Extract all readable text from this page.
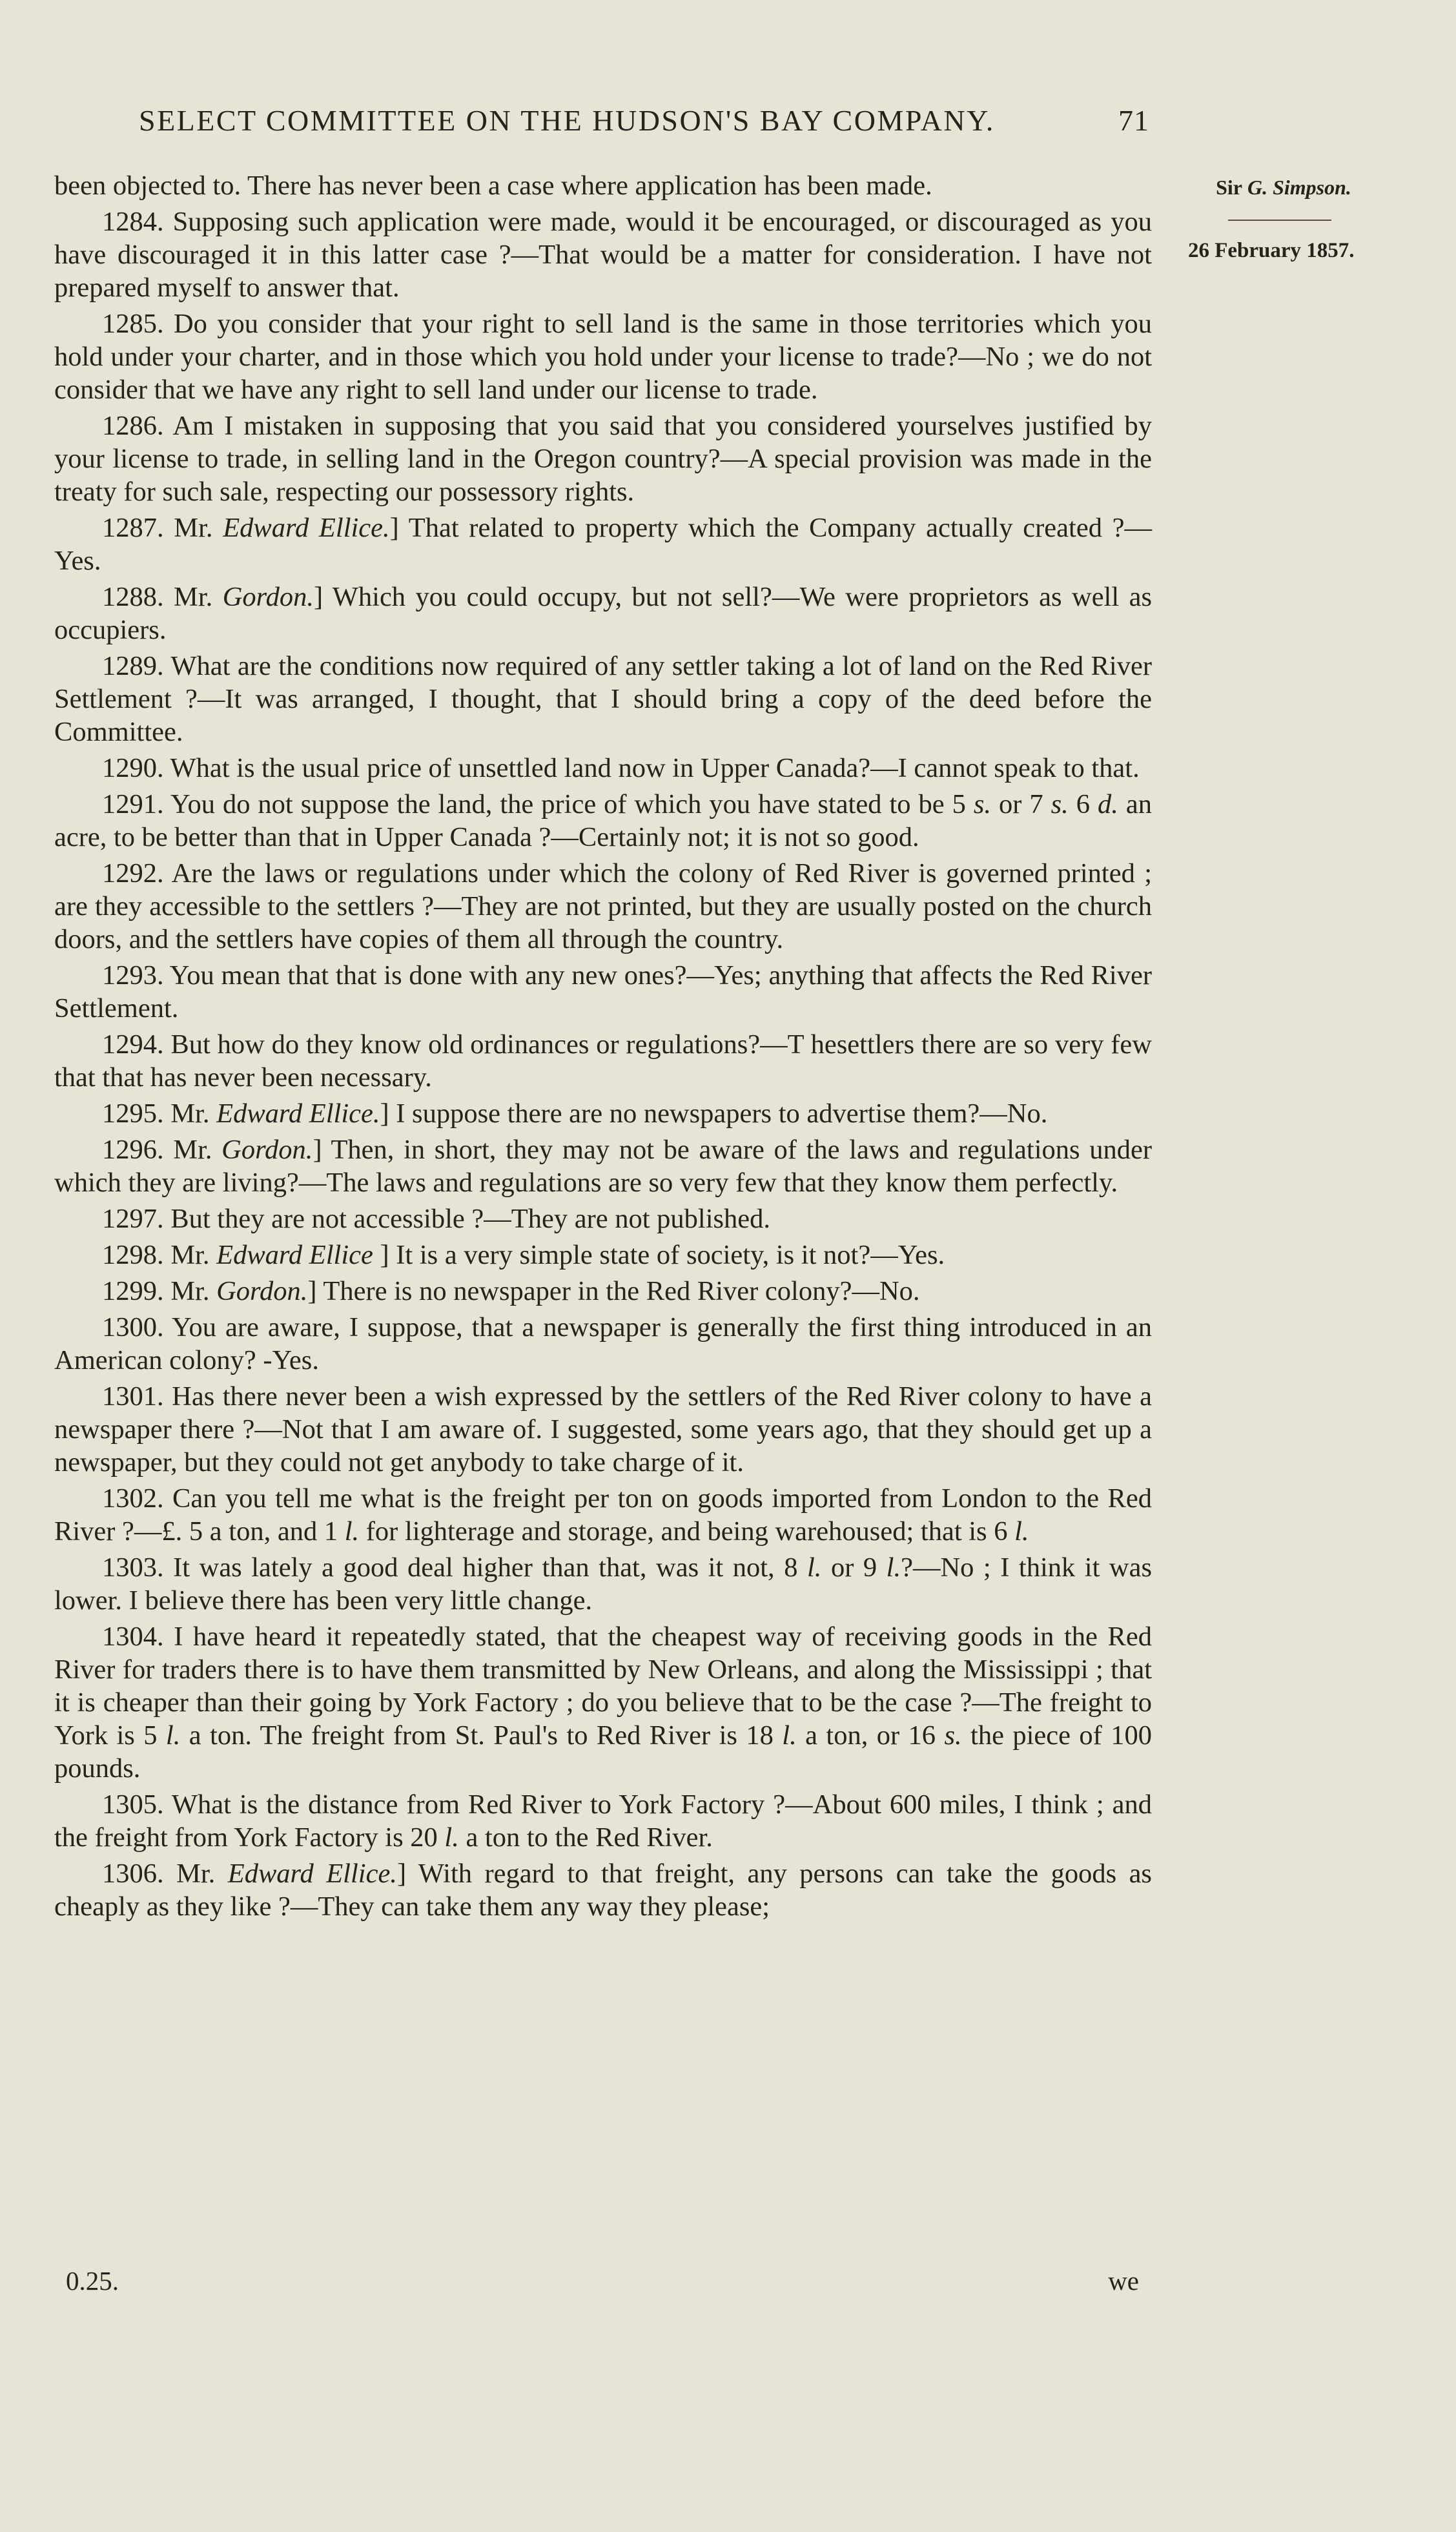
SELECT COMMITTEE ON THE HUDSON'S BAY COMPANY.	71
Sir G. Simpson.
26 February 1857.

been objected to. There has never been a case where application has been made.

1284. Supposing such application were made, would it be encouraged, or discouraged as you have discouraged it in this latter case ?—That would be a matter for consideration. I have not prepared myself to answer that.

1285. Do you consider that your right to sell land is the same in those territories which you hold under your charter, and in those which you hold under your license to trade?—No ; we do not consider that we have any right to sell land under our license to trade.

1286. Am I mistaken in supposing that you said that you considered yourselves justified by your license to trade, in selling land in the Oregon country?—A special provision was made in the treaty for such sale, respecting our possessory rights.

1287. Mr. Edward Ellice.] That related to property which the Company actually created ?—Yes.

1288. Mr. Gordon.] Which you could occupy, but not sell?—We were proprietors as well as occupiers.

1289. What are the conditions now required of any settler taking a lot of land on the Red River Settlement ?—It was arranged, I thought, that I should bring a copy of the deed before the Committee.

1290. What is the usual price of unsettled land now in Upper Canada?—I cannot speak to that.

1291. You do not suppose the land, the price of which you have stated to be 5 s. or 7 s. 6 d. an acre, to be better than that in Upper Canada ?—Certainly not; it is not so good.

1292. Are the laws or regulations under which the colony of Red River is governed printed ; are they accessible to the settlers ?—They are not printed, but they are usually posted on the church doors, and the settlers have copies of them all through the country.

1293. You mean that that is done with any new ones?—Yes; anything that affects the Red River Settlement.

1294. But how do they know old ordinances or regulations?—T hesettlers there are so very few that that has never been necessary.

1295. Mr. Edward Ellice.] I suppose there are no newspapers to advertise them?—No.

1296. Mr. Gordon.] Then, in short, they may not be aware of the laws and regulations under which they are living?—The laws and regulations are so very few that they know them perfectly.

1297. But they are not accessible ?—They are not published.

1298. Mr. Edward Ellice ] It is a very simple state of society, is it not?—Yes.

1299. Mr. Gordon.] There is no newspaper in the Red River colony?—No.

1300. You are aware, I suppose, that a newspaper is generally the first thing introduced in an American colony? -Yes.

1301. Has there never been a wish expressed by the settlers of the Red River colony to have a newspaper there ?—Not that I am aware of. I suggested, some years ago, that they should get up a newspaper, but they could not get anybody to take charge of it.

1302. Can you tell me what is the freight per ton on goods imported from London to the Red River ?—£. 5 a ton, and 1 l. for lighterage and storage, and being warehoused; that is 6 l.

1303. It was lately a good deal higher than that, was it not, 8 l. or 9 l.?—No ; I think it was lower. I believe there has been very little change.

1304. I have heard it repeatedly stated, that the cheapest way of receiving goods in the Red River for traders there is to have them transmitted by New Orleans, and along the Mississippi ; that it is cheaper than their going by York Factory ; do you believe that to be the case ?—The freight to York is 5 l. a ton. The freight from St. Paul's to Red River is 18 l. a ton, or 16 s. the piece of 100 pounds.

1305. What is the distance from Red River to York Factory ?—About 600 miles, I think ; and the freight from York Factory is 20 l. a ton to the Red River.

1306. Mr. Edward Ellice.] With regard to that freight, any persons can take the goods as cheaply as they like ?—They can take them any way they please;

0.25.	we
